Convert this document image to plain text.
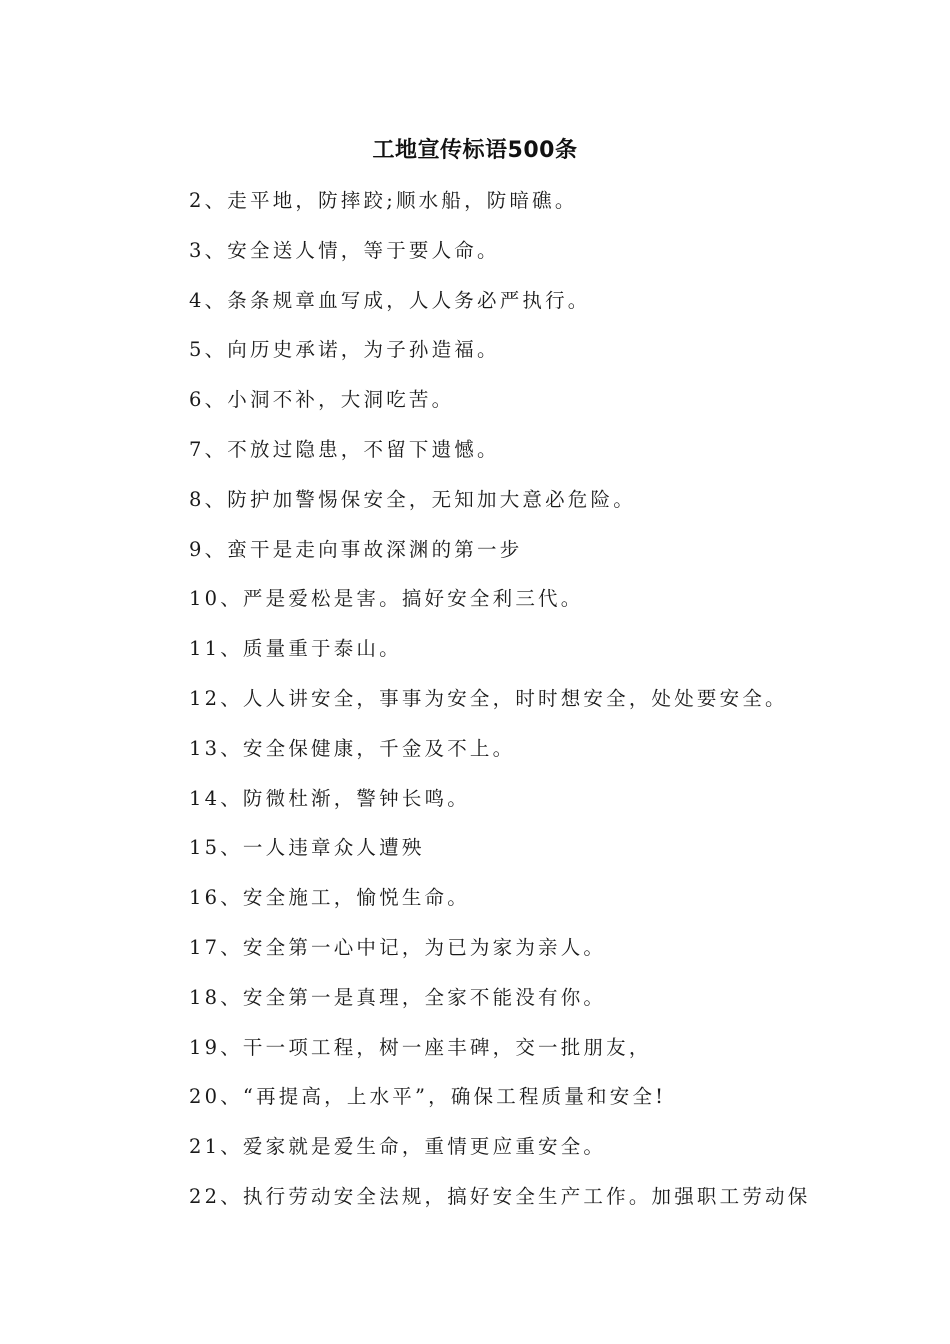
工地宣传标语500条
2、走平地，防摔跤;顺水船，防暗礁。
3、安全送人情，等于要人命。
4、条条规章血写成，人人务必严执行。
5、向历史承诺，为子孙造福。
6、小洞不补，大洞吃苦。
7、不放过隐患，不留下遗憾。
8、防护加警惕保安全，无知加大意必危险。
9、蛮干是走向事故深渊的第一步
10、严是爱松是害。搞好安全利三代。
11、质量重于泰山。
12、人人讲安全，事事为安全，时时想安全，处处要安全。
13、安全保健康，千金及不上。
14、防微杜渐，警钟长鸣。
15、一人违章众人遭殃
16、安全施工，愉悦生命。
17、安全第一心中记，为已为家为亲人。
18、安全第一是真理，全家不能没有你。
19、干一项工程，树一座丰碑，交一批朋友，
20、“再提高，上水平”，确保工程质量和安全!
21、爱家就是爱生命，重情更应重安全。
22、执行劳动安全法规，搞好安全生产工作。加强职工劳动保
